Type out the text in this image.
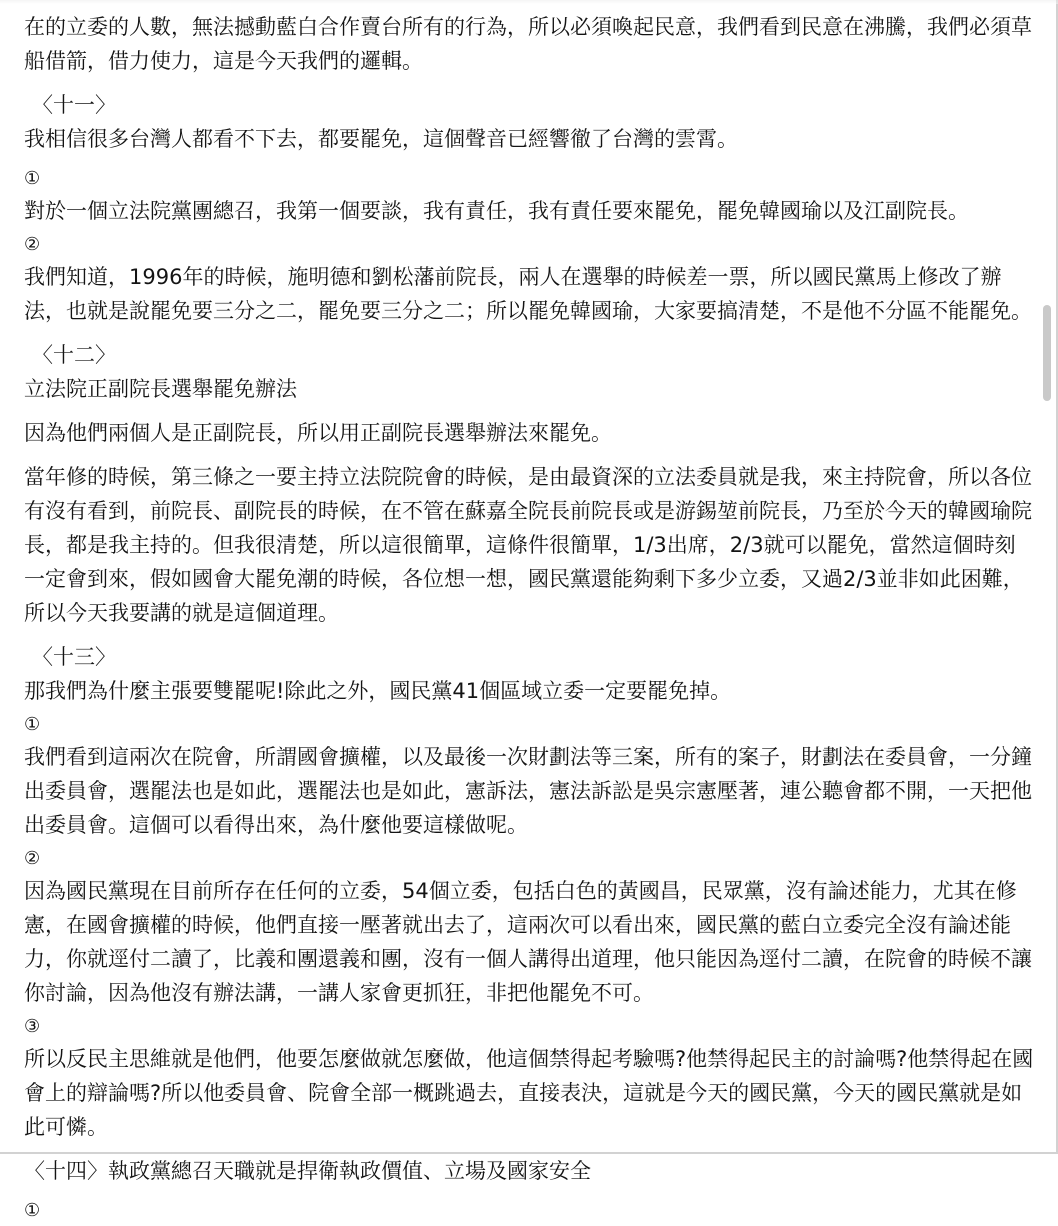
在的立委的人數，無法撼動藍白合作賣台所有的行為，所以必須喚起民意，我們看到民意在沸騰，我們必須草船借箭，借力使力，這是今天我們的邏輯。

〈十一〉

我相信很多台灣人都看不下去，都要罷免，這個聲音已經響徹了台灣的雲霄。

①

對於一個立法院黨團總召，我第一個要談，我有責任，我有責任要來罷免，罷免韓國瑜以及江副院長。

②

我們知道，1996年的時候，施明德和劉松藩前院長，兩人在選舉的時候差一票，所以國民黨馬上修改了辦法，也就是說罷免要三分之二，罷免要三分之二；所以罷免韓國瑜，大家要搞清楚，不是他不分區不能罷免。

〈十二〉

立法院正副院長選舉罷免辦法

因為他們兩個人是正副院長，所以用正副院長選舉辦法來罷免。

當年修的時候，第三條之一要主持立法院院會的時候，是由最資深的立法委員就是我，來主持院會，所以各位有沒有看到，前院長、副院長的時候，在不管在蘇嘉全院長前院長或是游錫堃前院長，乃至於今天的韓國瑜院長，都是我主持的。但我很清楚，所以這很簡單，這條件很簡單，1/3出席，2/3就可以罷免，當然這個時刻一定會到來，假如國會大罷免潮的時候，各位想一想，國民黨還能夠剩下多少立委，又過2/3並非如此困難，所以今天我要講的就是這個道理。

〈十三〉

那我們為什麼主張要雙罷呢!除此之外，國民黨41個區域立委一定要罷免掉。

①

我們看到這兩次在院會，所謂國會擴權，以及最後一次財劃法等三案，所有的案子，財劃法在委員會，一分鐘出委員會，選罷法也是如此，選罷法也是如此，憲訴法，憲法訴訟是吳宗憲壓著，連公聽會都不開，一天把他出委員會。這個可以看得出來，為什麼他要這樣做呢。

②

因為國民黨現在目前所存在任何的立委，54個立委，包括白色的黃國昌，民眾黨，沒有論述能力，尤其在修憲，在國會擴權的時候，他們直接一壓著就出去了，這兩次可以看出來，國民黨的藍白立委完全沒有論述能力，你就逕付二讀了，比義和團還義和團，沒有一個人講得出道理，他只能因為逕付二讀，在院會的時候不讓你討論，因為他沒有辦法講，一講人家會更抓狂，非把他罷免不可。

③

所以反民主思維就是他們，他要怎麼做就怎麼做，他這個禁得起考驗嗎?他禁得起民主的討論嗎?他禁得起在國會上的辯論嗎?所以他委員會、院會全部一概跳過去，直接表決，這就是今天的國民黨，今天的國民黨就是如此可憐。

〈十四〉執政黨總召天職就是捍衛執政價值、立場及國家安全

①
